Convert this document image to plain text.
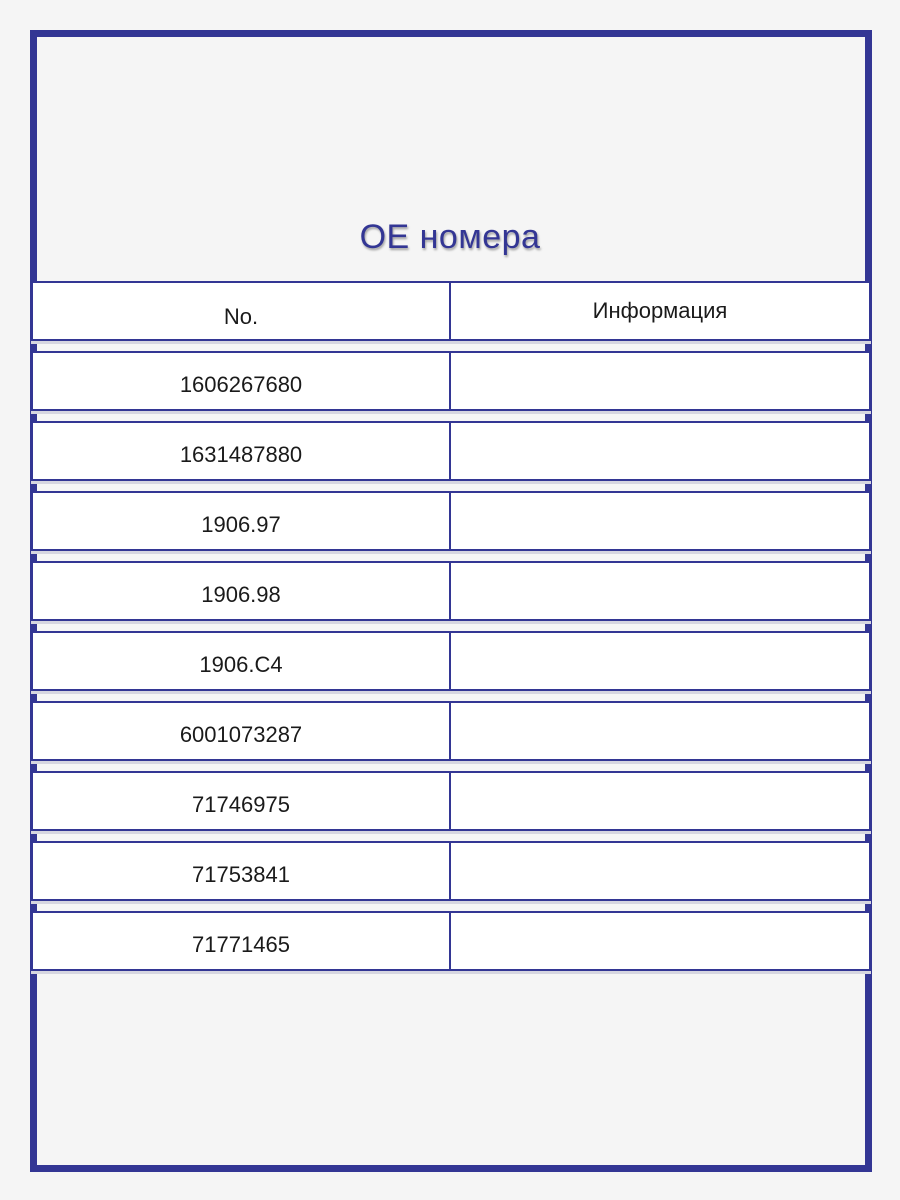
OE номера
No.	Информация
1606267680
1631487880
1906.97
1906.98
1906.C4
6001073287
71746975
71753841
71771465
